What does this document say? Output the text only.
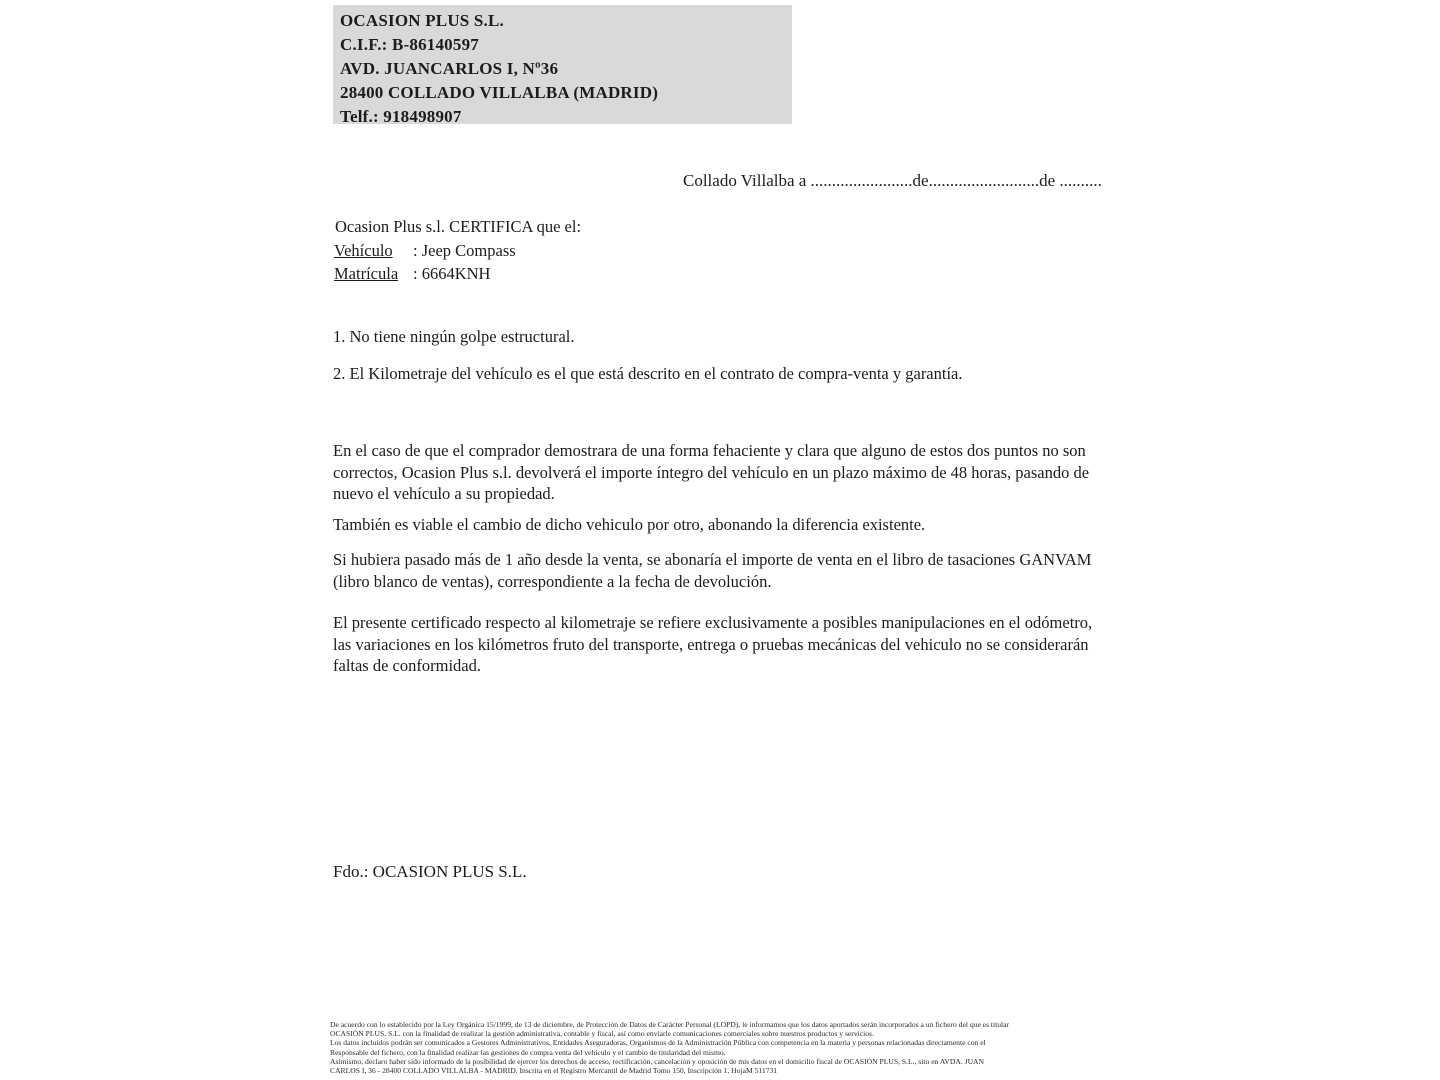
OCASION PLUS S.L.
C.I.F.: B-86140597
AVD. JUANCARLOS I, Nº36
28400 COLLADO VILLALBA (MADRID)
Telf.: 918498907
Collado Villalba a ........................de..........................de ..........
Ocasion Plus s.l. CERTIFICA que el:
Vehículo : Jeep Compass
Matrícula : 6664KNH
1. No tiene ningún golpe estructural.
2. El Kilometraje del vehículo es el que está descrito en el contrato de compra-venta y garantía.
En el caso de que el comprador demostrara de una forma fehaciente y clara que alguno de estos dos puntos no son correctos, Ocasion Plus s.l. devolverá el importe íntegro del vehículo en un plazo máximo de 48 horas, pasando de nuevo el vehículo a su propiedad.
También es viable el cambio de dicho vehiculo por otro, abonando la diferencia existente.
Si hubiera pasado más de 1 año desde la venta, se abonaría el importe de venta en el libro de tasaciones GANVAM (libro blanco de ventas), correspondiente a la fecha de devolución.
El presente certificado respecto al kilometraje se refiere exclusivamente a posibles manipulaciones en el odómetro, las variaciones en los kilómetros fruto del transporte, entrega o pruebas mecánicas del vehiculo no se considerarán faltas de conformidad.
Fdo.: OCASION PLUS S.L.
De acuerdo con lo establecido por la Ley Orgánica 15/1999, de 13 de diciembre, de Protección de Datos de Carácter Personal (LOPD), le informamos que los datos aportados serán incorporados a un fichero del que es titular
OCASIÓN PLUS, S.L. con la finalidad de realizar la gestión administrativa, contable y fiscal, así como enviarle comunicaciones comerciales sobre nuestros productos y servicios.
Los datos incluidos podrán ser comunicados a Gestores Administrativos, Entidades Aseguradoras, Organismos de la Administración Pública con competencia en la materia y personas relacionadas directamente con el
Responsable del fichero, con la finalidad realizar las gestiones de compra venta del vehículo y el cambio de titularidad del mismo.
Asimismo, declaro haber sido informado de la posibilidad de ejercer los derechos de acceso, rectificación, cancelación y oposición de mis datos en el domicilio fiscal de OCASIÓN PLUS, S.L., sito en AVDA. JUAN
CARLOS I, 36 - 28400 COLLADO VILLALBA - MADRID. Inscrita en el Registro Mercantil de Madrid Tomo 150, Inscripción 1, HojaM 511731
